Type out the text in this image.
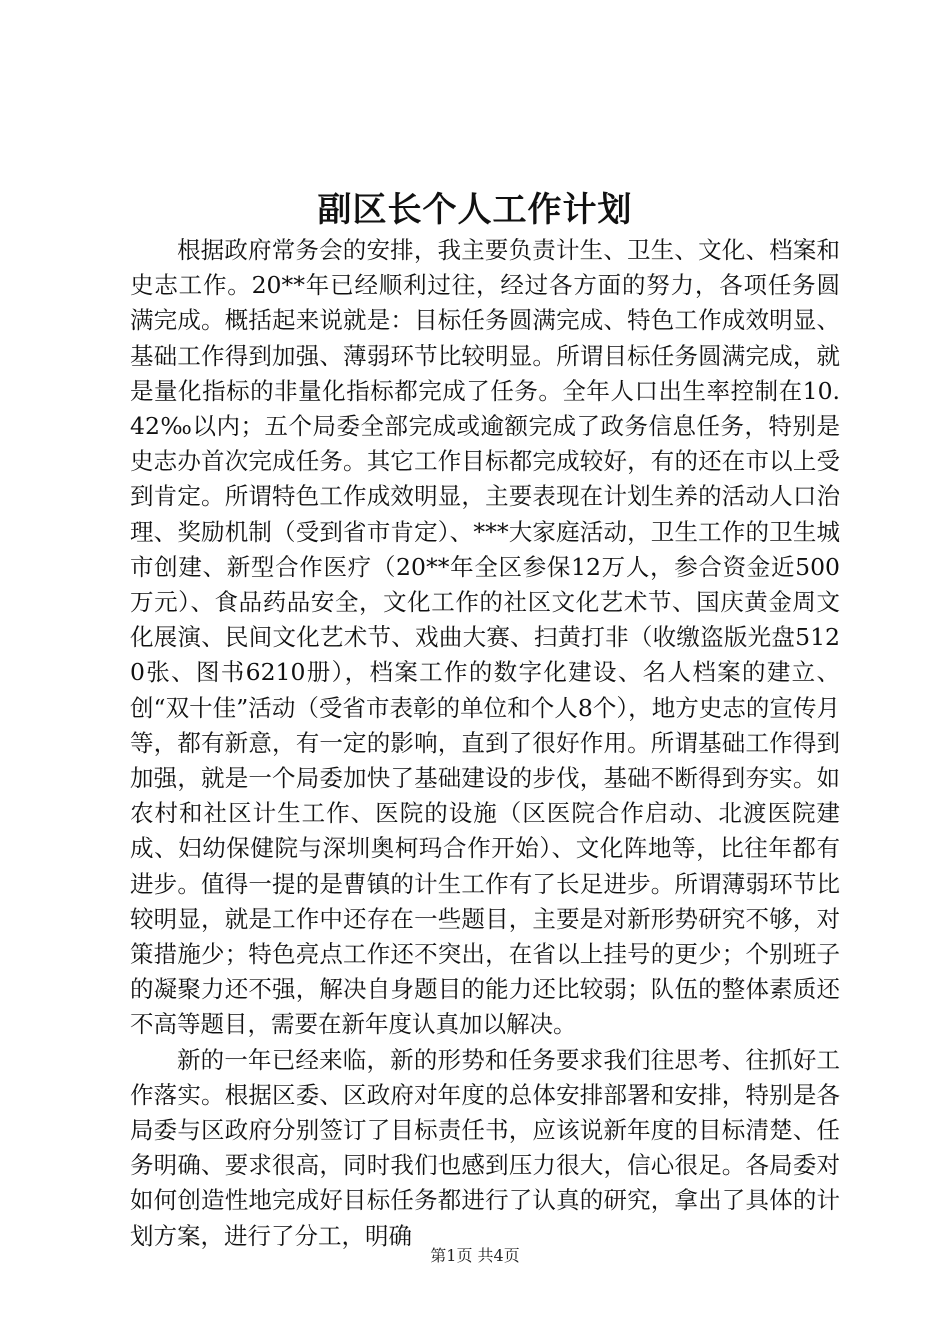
副区长个人工作计划

根据政府常务会的安排，我主要负责计生、卫生、文化、档案和史志工作。20**年已经顺利过往，经过各方面的努力，各项任务圆满完成。概括起来说就是：目标任务圆满完成、特色工作成效明显、基础工作得到加强、薄弱环节比较明显。所谓目标任务圆满完成，就是量化指标的非量化指标都完成了任务。全年人口出生率控制在10.42‰以内；五个局委全部完成或逾额完成了政务信息任务，特别是史志办首次完成任务。其它工作目标都完成较好，有的还在市以上受到肯定。所谓特色工作成效明显，主要表现在计划生养的活动人口治理、奖励机制（受到省市肯定）、***大家庭活动，卫生工作的卫生城市创建、新型合作医疗（20**年全区参保12万人，参合资金近500万元）、食品药品安全，文化工作的社区文化艺术节、国庆黄金周文化展演、民间文化艺术节、戏曲大赛、扫黄打非（收缴盗版光盘5120张、图书6210册），档案工作的数字化建设、名人档案的建立、创“双十佳”活动（受省市表彰的单位和个人8个），地方史志的宣传月等，都有新意，有一定的影响，直到了很好作用。所谓基础工作得到加强，就是一个局委加快了基础建设的步伐，基础不断得到夯实。如农村和社区计生工作、医院的设施（区医院合作启动、北渡医院建成、妇幼保健院与深圳奥柯玛合作开始）、文化阵地等，比往年都有进步。值得一提的是曹镇的计生工作有了长足进步。所谓薄弱环节比较明显，就是工作中还存在一些题目，主要是对新形势研究不够，对策措施少；特色亮点工作还不突出，在省以上挂号的更少；个别班子的凝聚力还不强，解决自身题目的能力还比较弱；队伍的整体素质还不高等题目，需要在新年度认真加以解决。

新的一年已经来临，新的形势和任务要求我们往思考、往抓好工作落实。根据区委、区政府对年度的总体安排部署和安排，特别是各局委与区政府分别签订了目标责任书，应该说新年度的目标清楚、任务明确、要求很高，同时我们也感到压力很大，信心很足。各局委对如何创造性地完成好目标任务都进行了认真的研究，拿出了具体的计划方案，进行了分工，明确

第1页 共4页
